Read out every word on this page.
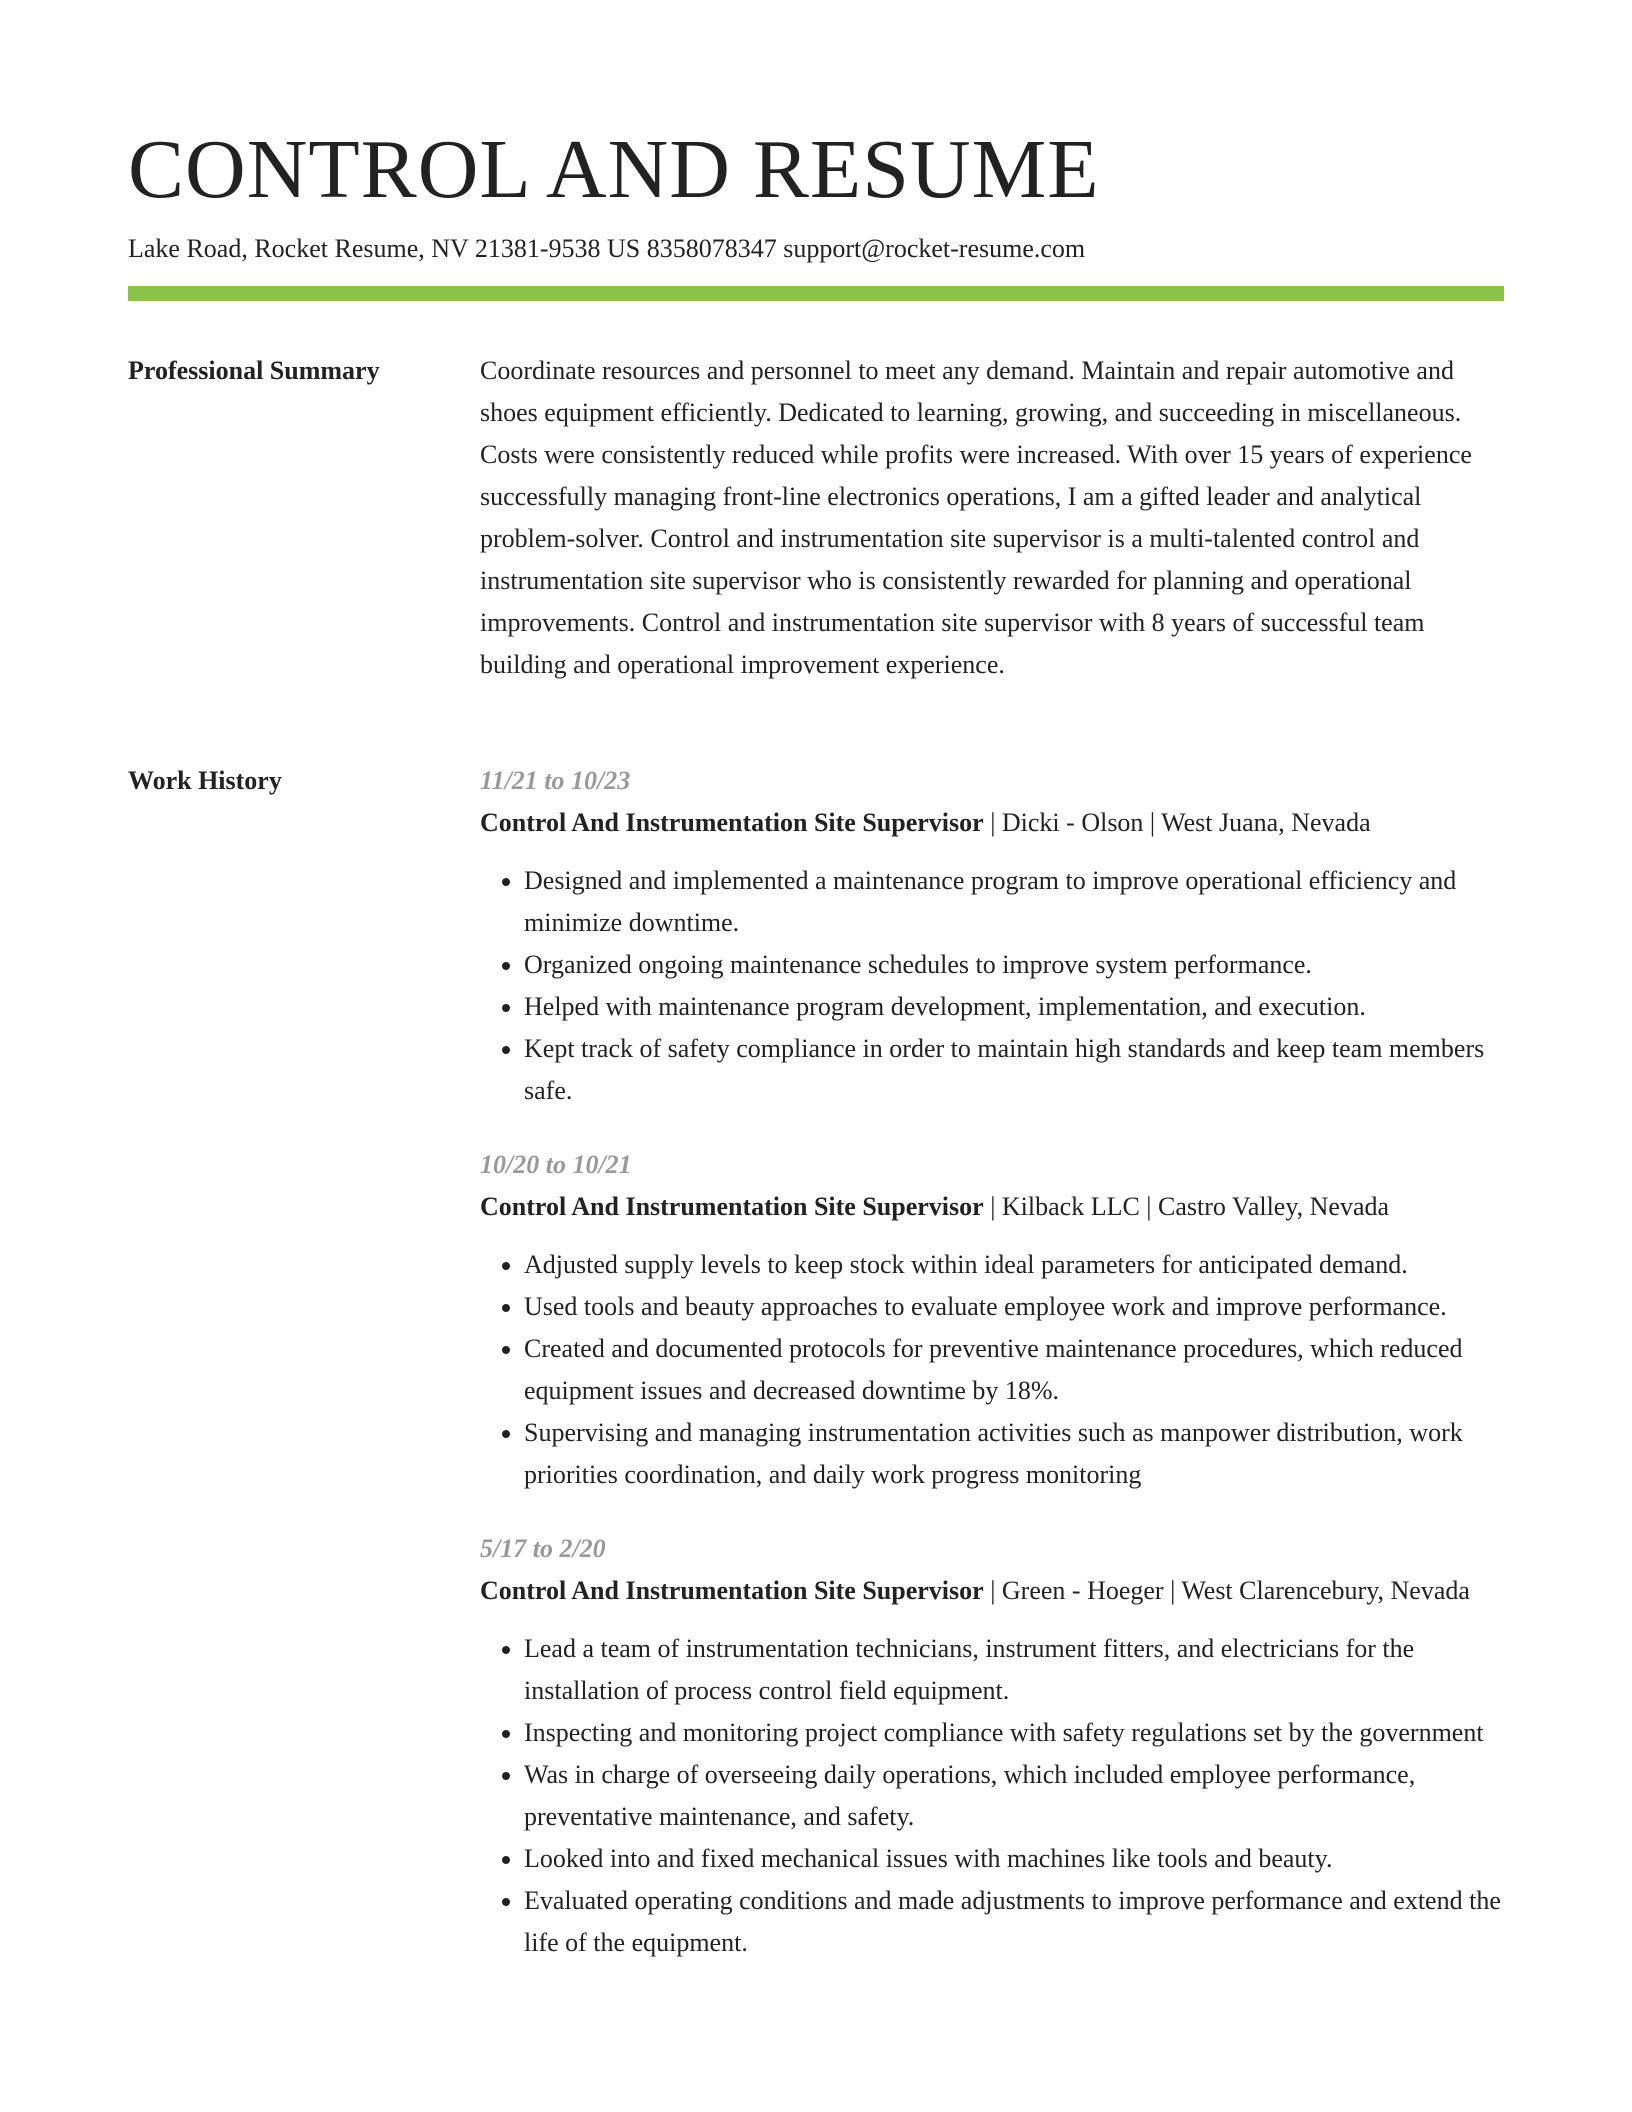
CONTROL AND RESUME
Lake Road, Rocket Resume, NV 21381-9538 US 8358078347 support@rocket-resume.com
Professional Summary	Coordinate resources and personnel to meet any demand. Maintain and repair automotive and shoes equipment efficiently. Dedicated to learning, growing, and succeeding in miscellaneous. Costs were consistently reduced while profits were increased. With over 15 years of experience successfully managing front-line electronics operations, I am a gifted leader and analytical problem-solver. Control and instrumentation site supervisor is a multi-talented control and instrumentation site supervisor who is consistently rewarded for planning and operational improvements. Control and instrumentation site supervisor with 8 years of successful team building and operational improvement experience.

Work History	11/21 to 10/23
Control And Instrumentation Site Supervisor | Dicki - Olson | West Juana, Nevada
• Designed and implemented a maintenance program to improve operational efficiency and minimize downtime.
• Organized ongoing maintenance schedules to improve system performance.
• Helped with maintenance program development, implementation, and execution.
• Kept track of safety compliance in order to maintain high standards and keep team members safe.
10/20 to 10/21
Control And Instrumentation Site Supervisor | Kilback LLC | Castro Valley, Nevada
• Adjusted supply levels to keep stock within ideal parameters for anticipated demand.
• Used tools and beauty approaches to evaluate employee work and improve performance.
• Created and documented protocols for preventive maintenance procedures, which reduced equipment issues and decreased downtime by 18%.
• Supervising and managing instrumentation activities such as manpower distribution, work priorities coordination, and daily work progress monitoring
5/17 to 2/20
Control And Instrumentation Site Supervisor | Green - Hoeger | West Clarencebury, Nevada
• Lead a team of instrumentation technicians, instrument fitters, and electricians for the installation of process control field equipment.
• Inspecting and monitoring project compliance with safety regulations set by the government
• Was in charge of overseeing daily operations, which included employee performance, preventative maintenance, and safety.
• Looked into and fixed mechanical issues with machines like tools and beauty.
• Evaluated operating conditions and made adjustments to improve performance and extend the life of the equipment.
